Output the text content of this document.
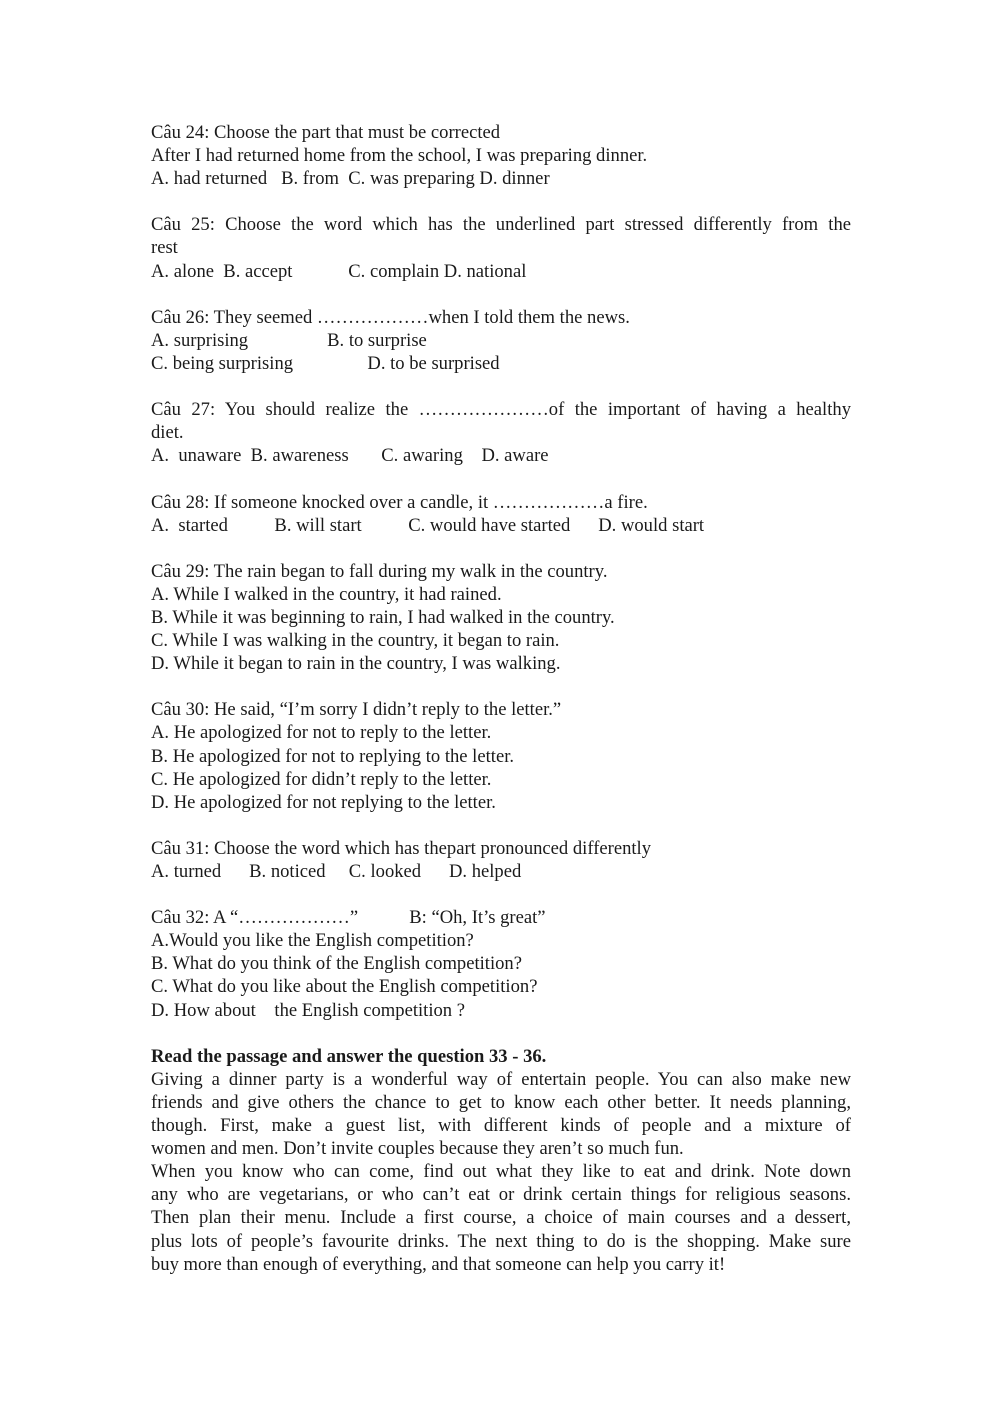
Câu 24: Choose the part that must be corrected
After I had returned home from the school, I was preparing dinner.
A. had returned   B. from  C. was preparing D. dinner
Câu 25: Choose the word which has the underlined part stressed differently from the
rest
A. alone  B. accept            C. complain D. national
Câu 26: They seemed ………………when I told them the news.
A. surprising                 B. to surprise
C. being surprising                D. to be surprised
Câu 27: You should realize the …………………of the important of having a healthy
diet.
A.  unaware  B. awareness       C. awaring    D. aware
Câu 28: If someone knocked over a candle, it ………………a fire.
A.  started          B. will start          C. would have started      D. would start
Câu 29: The rain began to fall during my walk in the country.
A. While I walked in the country, it had rained.
B. While it was beginning to rain, I had walked in the country.
C. While I was walking in the country, it began to rain.
D. While it began to rain in the country, I was walking.
Câu 30: He said, “I’m sorry I didn’t reply to the letter.”
A. He apologized for not to reply to the letter.
B. He apologized for not to replying to the letter.
C. He apologized for didn’t reply to the letter.
D. He apologized for not replying to the letter.
Câu 31: Choose the word which has thepart pronounced differently
A. turned      B. noticed     C. looked      D. helped
Câu 32: A “………………”           B: “Oh, It’s great”
A.Would you like the English competition?
B. What do you think of the English competition?
C. What do you like about the English competition?
D. How about    the English competition ?
Read the passage and answer the question 33 - 36.
Giving a dinner party is a wonderful way of entertain people. You can also make new
friends and give others the chance to get to know each other better. It needs planning,
though. First, make a guest list, with different kinds of people and a mixture of
women and men. Don’t invite couples because they aren’t so much fun.
When you know who can come, find out what they like to eat and drink. Note down
any who are vegetarians, or who can’t eat or drink certain things for religious seasons.
Then plan their menu. Include a first course, a choice of main courses and a dessert,
plus lots of people’s favourite drinks. The next thing to do is the shopping. Make sure
buy more than enough of everything, and that someone can help you carry it!
